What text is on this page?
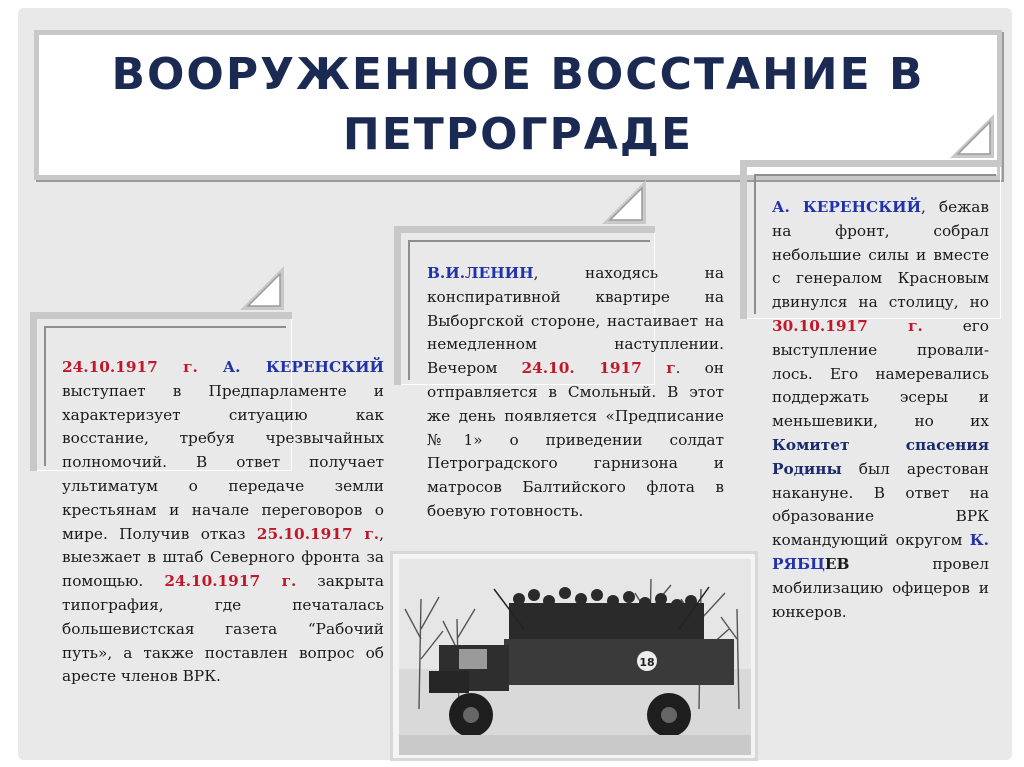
ВООРУЖЕННОЕ ВОССТАНИЕ В
ПЕТРОГРАДЕ
24.10.1917 г. А. КЕРЕНСКИЙ выступает в Предпарламенте и характеризует ситуацию как восстание, требуя чрезвычайных полномочий. В ответ получает ультиматум о передаче земли крестьянам и начале переговоров о мире. Получив отказ 25.10.1917 г., выезжает в штаб Северного фронта за помощью. 24.10.1917 г. закрыта типография, где печаталась большевистская газета “Рабочий путь», а также поставлен вопрос об аресте членов ВРК.
В.И.ЛЕНИН, находясь на конспиративной квартире на Выборгской стороне, настаивает на немедленном наступлении. Вечером 24.10. 1917 г. он отправляется в Смольный. В этот же день появляется «Предписание №1» о приведении солдат Петроградского гарнизона и матросов Балтийского флота в боевую готовность.
А. КЕРЕНСКИЙ, бежав на фронт, собрал небольшие силы и вместе с генералом Красновым двинулся на столицу, но 30.10.1917 г.	его выступление провали-лось. Его намеревались поддержать эсеры и меньшевики, но их Комитет спасения Родины был арестован накануне. В ответ на образование ВРК командующий округом К. РЯБЦЕВ	провел мобилизацию офицеров и юнкеров.
18
